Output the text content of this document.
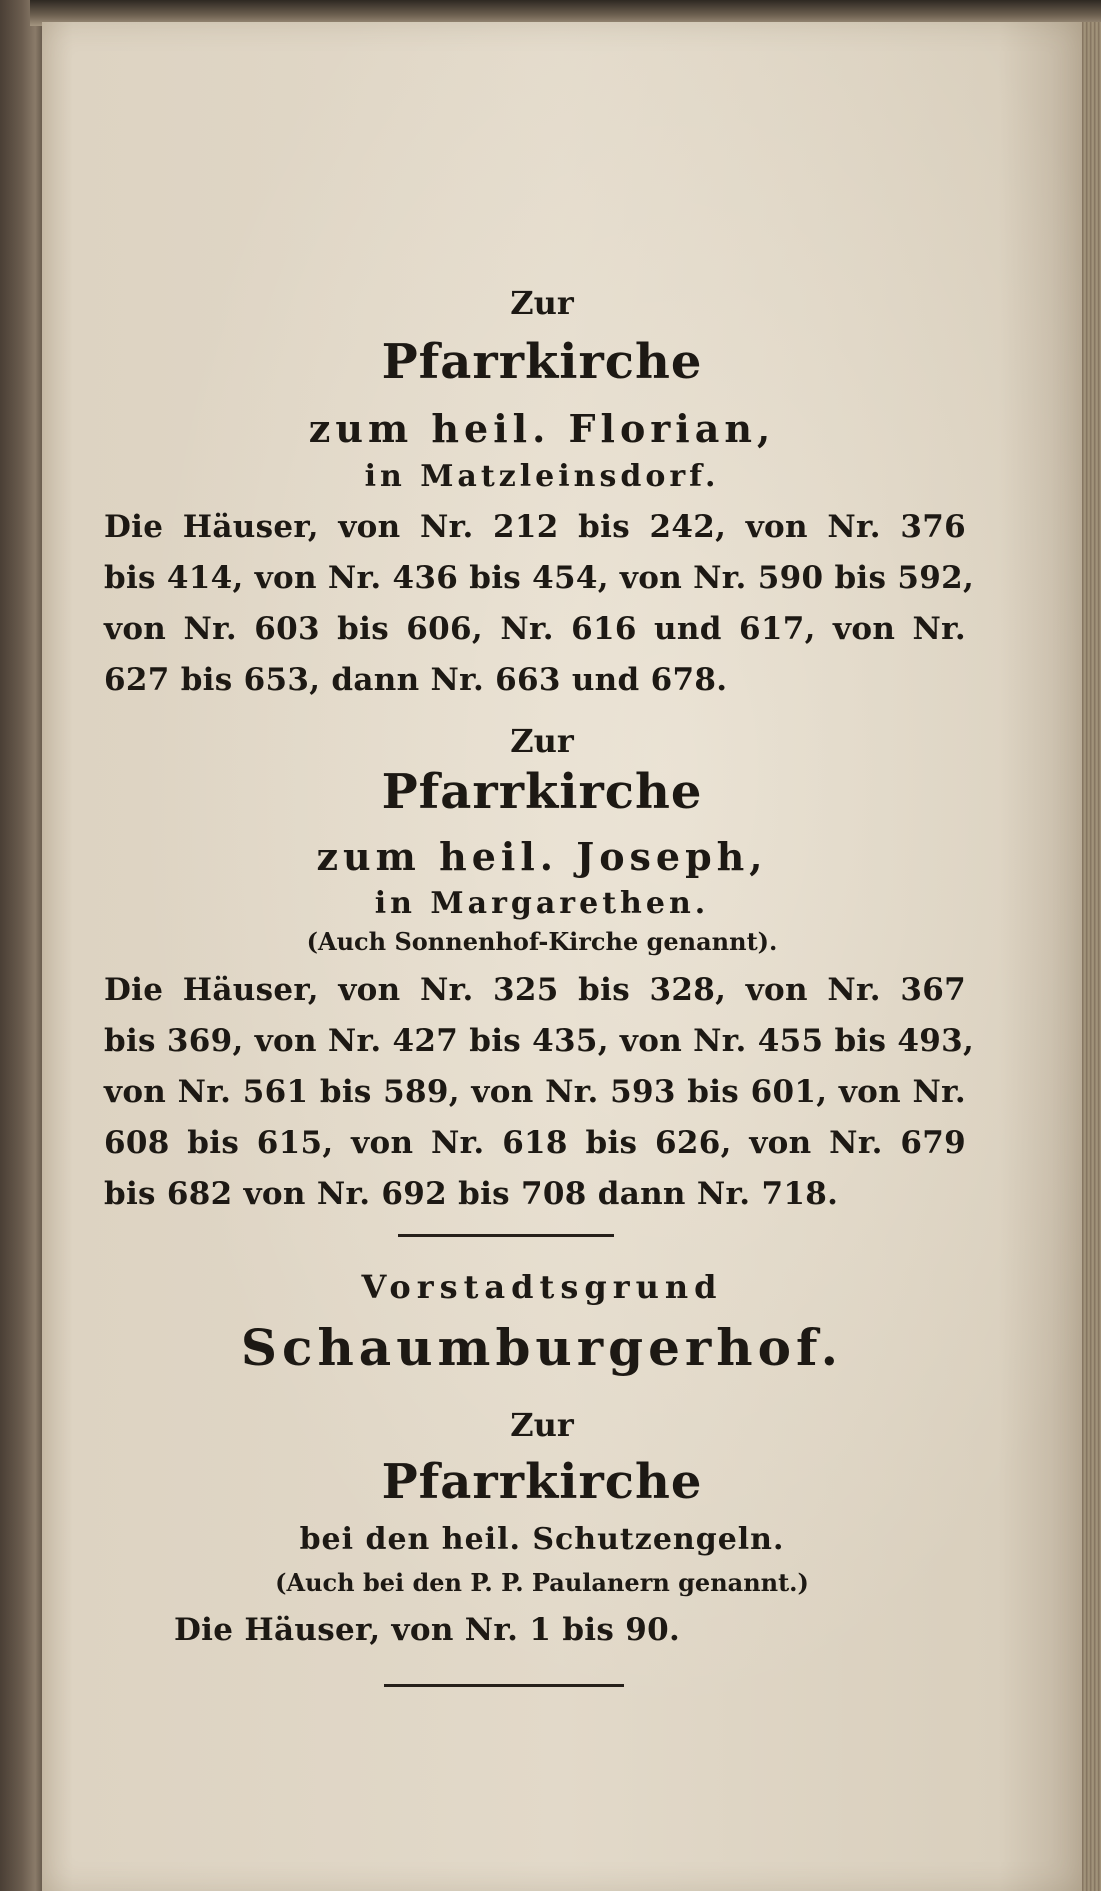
Zur
Pfarrkirche
zum heil. Florian,
in Matzleinsdorf.
Die Häuser, von Nr. 212 bis 242, von Nr. 376
bis 414, von Nr. 436 bis 454, von Nr. 590 bis 592,
von Nr. 603 bis 606, Nr. 616 und 617, von Nr.
627 bis 653, dann Nr. 663 und 678.
Zur
Pfarrkirche
zum heil. Joseph,
in Margarethen.
(Auch Sonnenhof-Kirche genannt).
Die Häuser, von Nr. 325 bis 328, von Nr. 367
bis 369, von Nr. 427 bis 435, von Nr. 455 bis 493,
von Nr. 561 bis 589, von Nr. 593 bis 601, von Nr.
608 bis 615, von Nr. 618 bis 626, von Nr. 679
bis 682 von Nr. 692 bis 708 dann Nr. 718.
Vorstadtsgrund
Schaumburgerhof.
Zur
Pfarrkirche
bei den heil. Schutzengeln.
(Auch bei den P. P. Paulanern genannt.)
Die Häuser, von Nr. 1 bis 90.
